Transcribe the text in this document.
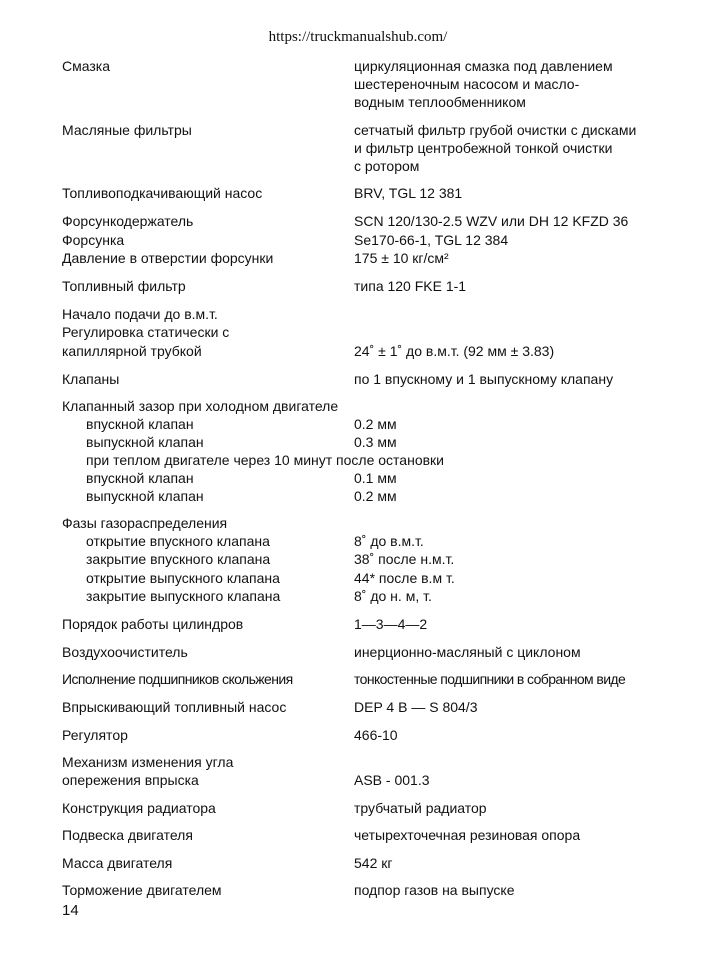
https://truckmanualshub.com/
Смазка	циркуляционная смазка под давлением
шестереночным насосом и масло-
водным теплообменником
Масляные фильтры	сетчатый фильтр грубой очистки с дисками
и фильтр центробежной тонкой очистки
с ротором
Топливоподкачивающий насос	BRV, TGL 12 381
Форсункодержатель	SCN 120/130-2.5 WZV или DH 12 KFZD 36
Форсунка	Se170-66-1, TGL 12 384
Давление в отверстии форсунки	175 ± 10 кг/см²
Топливный фильтр	типа 120 FKE 1-1
Начало подачи до в.м.т.
Регулировка статически с
капиллярной трубкой	24˚ ± 1˚ до в.м.т. (92 мм ± 3.83)
Клапаны	по 1 впускному и 1 выпускному клапану
Клапанный зазор при холодном двигателе
впускной клапан	0.2 мм
выпускной клапан	0.3 мм
при теплом двигателе через 10 минут после остановки
впускной клапан	0.1 мм
выпускной клапан	0.2 мм
Фазы газораспределения
открытие впускного клапана	8˚ до в.м.т.
закрытие впускного клапана	38˚ после н.м.т.
открытие выпускного клапана	44* после в.м т.
закрытие выпускного клапана	8˚ до н. м, т.
Порядок работы цилиндров	1—3—4—2
Воздухоочиститель	инерционно-масляный с циклоном
Исполнение подшипников скольжения	тонкостенные подшипники в собранном виде
Впрыскивающий топливный насос	DEP 4 B — S 804/3
Регулятор	466-10
Механизм изменения угла
опережения впрыска	ASB - 001.3
Конструкция радиатора	трубчатый радиатор
Подвеска двигателя	четырехточечная резиновая опора
Масса двигателя	542 кг
Торможение двигателем	подпор газов на выпуске
14
